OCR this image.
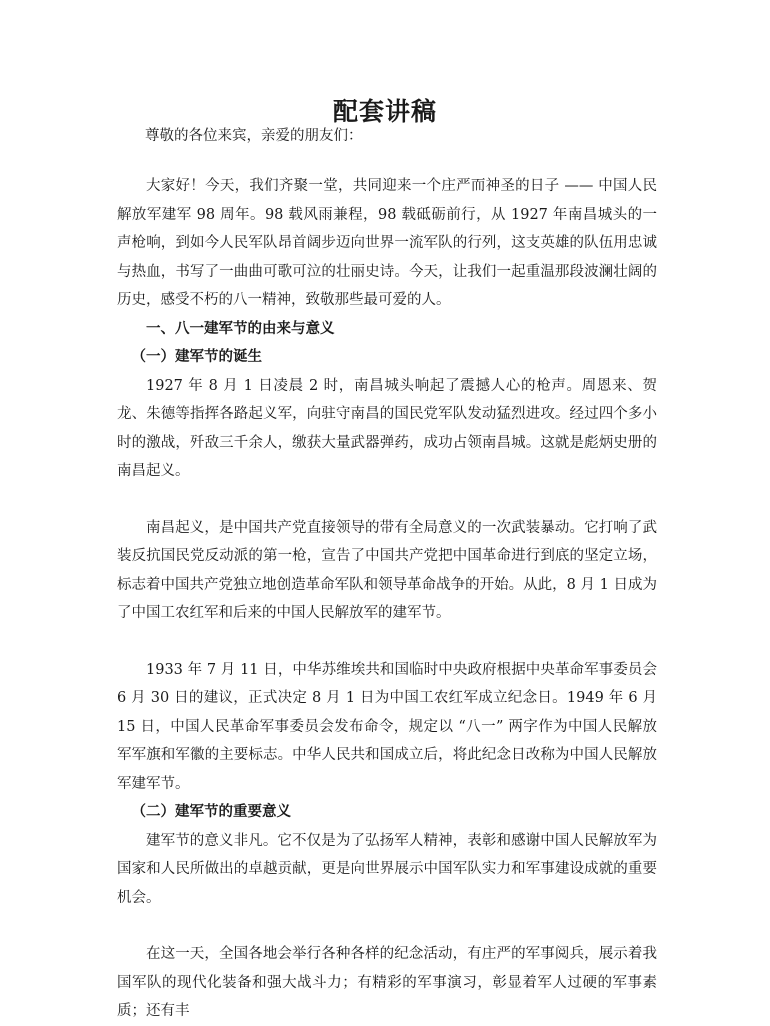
配套讲稿

尊敬的各位来宾，亲爱的朋友们：

大家好！今天，我们齐聚一堂，共同迎来一个庄严而神圣的日子 —— 中国人民解放军建军 98 周年。98 载风雨兼程，98 载砥砺前行，从 1927 年南昌城头的一声枪响，到如今人民军队昂首阔步迈向世界一流军队的行列，这支英雄的队伍用忠诚与热血，书写了一曲曲可歌可泣的壮丽史诗。今天，让我们一起重温那段波澜壮阔的历史，感受不朽的八一精神，致敬那些最可爱的人。

一、八一建军节的由来与意义
（一）建军节的诞生

1927 年 8 月 1 日凌晨 2 时，南昌城头响起了震撼人心的枪声。周恩来、贺龙、朱德等指挥各路起义军，向驻守南昌的国民党军队发动猛烈进攻。经过四个多小时的激战，歼敌三千余人，缴获大量武器弹药，成功占领南昌城。这就是彪炳史册的南昌起义。

南昌起义，是中国共产党直接领导的带有全局意义的一次武装暴动。它打响了武装反抗国民党反动派的第一枪，宣告了中国共产党把中国革命进行到底的坚定立场，标志着中国共产党独立地创造革命军队和领导革命战争的开始。从此，8 月 1 日成为了中国工农红军和后来的中国人民解放军的建军节。

1933 年 7 月 11 日，中华苏维埃共和国临时中央政府根据中央革命军事委员会 6 月 30 日的建议，正式决定 8 月 1 日为中国工农红军成立纪念日。1949 年 6 月 15 日，中国人民革命军事委员会发布命令，规定以 “八一” 两字作为中国人民解放军军旗和军徽的主要标志。中华人民共和国成立后，将此纪念日改称为中国人民解放军建军节。

（二）建军节的重要意义

建军节的意义非凡。它不仅是为了弘扬军人精神，表彰和感谢中国人民解放军为国家和人民所做出的卓越贡献，更是向世界展示中国军队实力和军事建设成就的重要机会。

在这一天，全国各地会举行各种各样的纪念活动，有庄严的军事阅兵，展示着我国军队的现代化装备和强大战斗力；有精彩的军事演习，彰显着军人过硬的军事素质；还有丰
